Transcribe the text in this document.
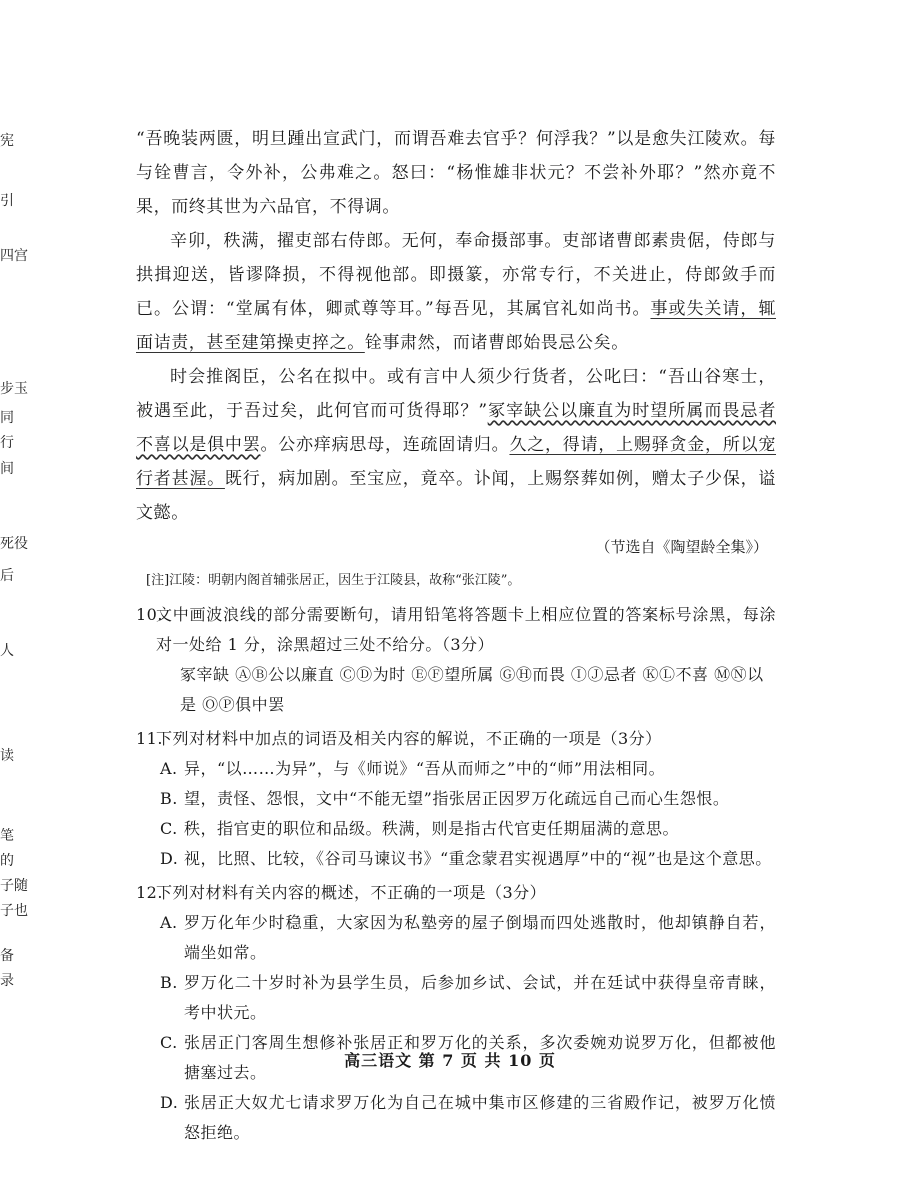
宪
引
四宫
步玉
同
行
间
死役
后
人
读
笔
的
子随
子也
备
录

“吾晚装两匮，明旦踵出宣武门，而谓吾难去官乎？何浮我？”以是愈失江陵欢。每与铨曹言，令外补，公弗难之。怒曰：“杨惟雄非状元？不尝补外耶？”然亦竟不果，而终其世为六品官，不得调。

辛卯，秩满，擢吏部右侍郎。无何，奉命摄部事。吏部诸曹郎素贵倨，侍郎与拱揖迎送，皆谬降损，不得视他部。即摄篆，亦常专行，不关进止，侍郎敛手而已。公谓：“堂属有体，卿贰尊等耳。”每吾见，其属官礼如尚书。事或失关请，辄面诘责，甚至建第操吏捽之。铨事肃然，而诸曹郎始畏忌公矣。

时会推阁臣，公名在拟中。或有言中人须少行货者，公叱曰：“吾山谷寒士，被遇至此，于吾过矣，此何官而可货得耶？”冢宰缺公以廉直为时望所属而畏忌者不喜以是俱中罢。公亦痒病思母，连疏固请归。久之，得请，上赐驿贪金，所以宠行者甚渥。既行，病加剧。至宝应，竟卒。讣闻，上赐祭葬如例，赠太子少保，谥文懿。

（节选自《陶望龄全集》）

[注]江陵：明朝内阁首辅张居正，因生于江陵县，故称“张江陵”。

10.
文中画波浪线的部分需要断句，请用铅笔将答题卡上相应位置的答案标号涂黑，每涂对一处给 1 分，涂黑超过三处不给分。（3分）

冢宰缺 ⒶⒷ公以廉直 ⒸⒹ为时 ⒺⒻ望所属 ⒼⒽ而畏 ⒾⒿ忌者 ⓀⓁ不喜 ⓂⓃ以是 ⓄⓅ俱中罢

11.
下列对材料中加点的词语及相关内容的解说，不正确的一项是（3分）
A. 异，“以……为异”，与《师说》“吾从而师之”中的“师”用法相同。
B. 望，责怪、怨恨，文中“不能无望”指张居正因罗万化疏远自己而心生怨恨。
C. 秩，指官吏的职位和品级。秩满，则是指古代官吏任期届满的意思。
D. 视，比照、比较，《谷司马谏议书》“重念蒙君实视遇厚”中的“视”也是这个意思。
12.
下列对材料有关内容的概述，不正确的一项是（3分）
A. 罗万化年少时稳重，大家因为私塾旁的屋子倒塌而四处逃散时，他却镇静自若，端坐如常。
B. 罗万化二十岁时补为县学生员，后参加乡试、会试，并在廷试中获得皇帝青睐，考中状元。
C. 张居正门客周生想修补张居正和罗万化的关系，多次委婉劝说罗万化，但都被他搪塞过去。
D. 张居正大奴尤七请求罗万化为自己在城中集市区修建的三省殿作记，被罗万化愤怒拒绝。
高三语文 第 7 页 共 10 页
